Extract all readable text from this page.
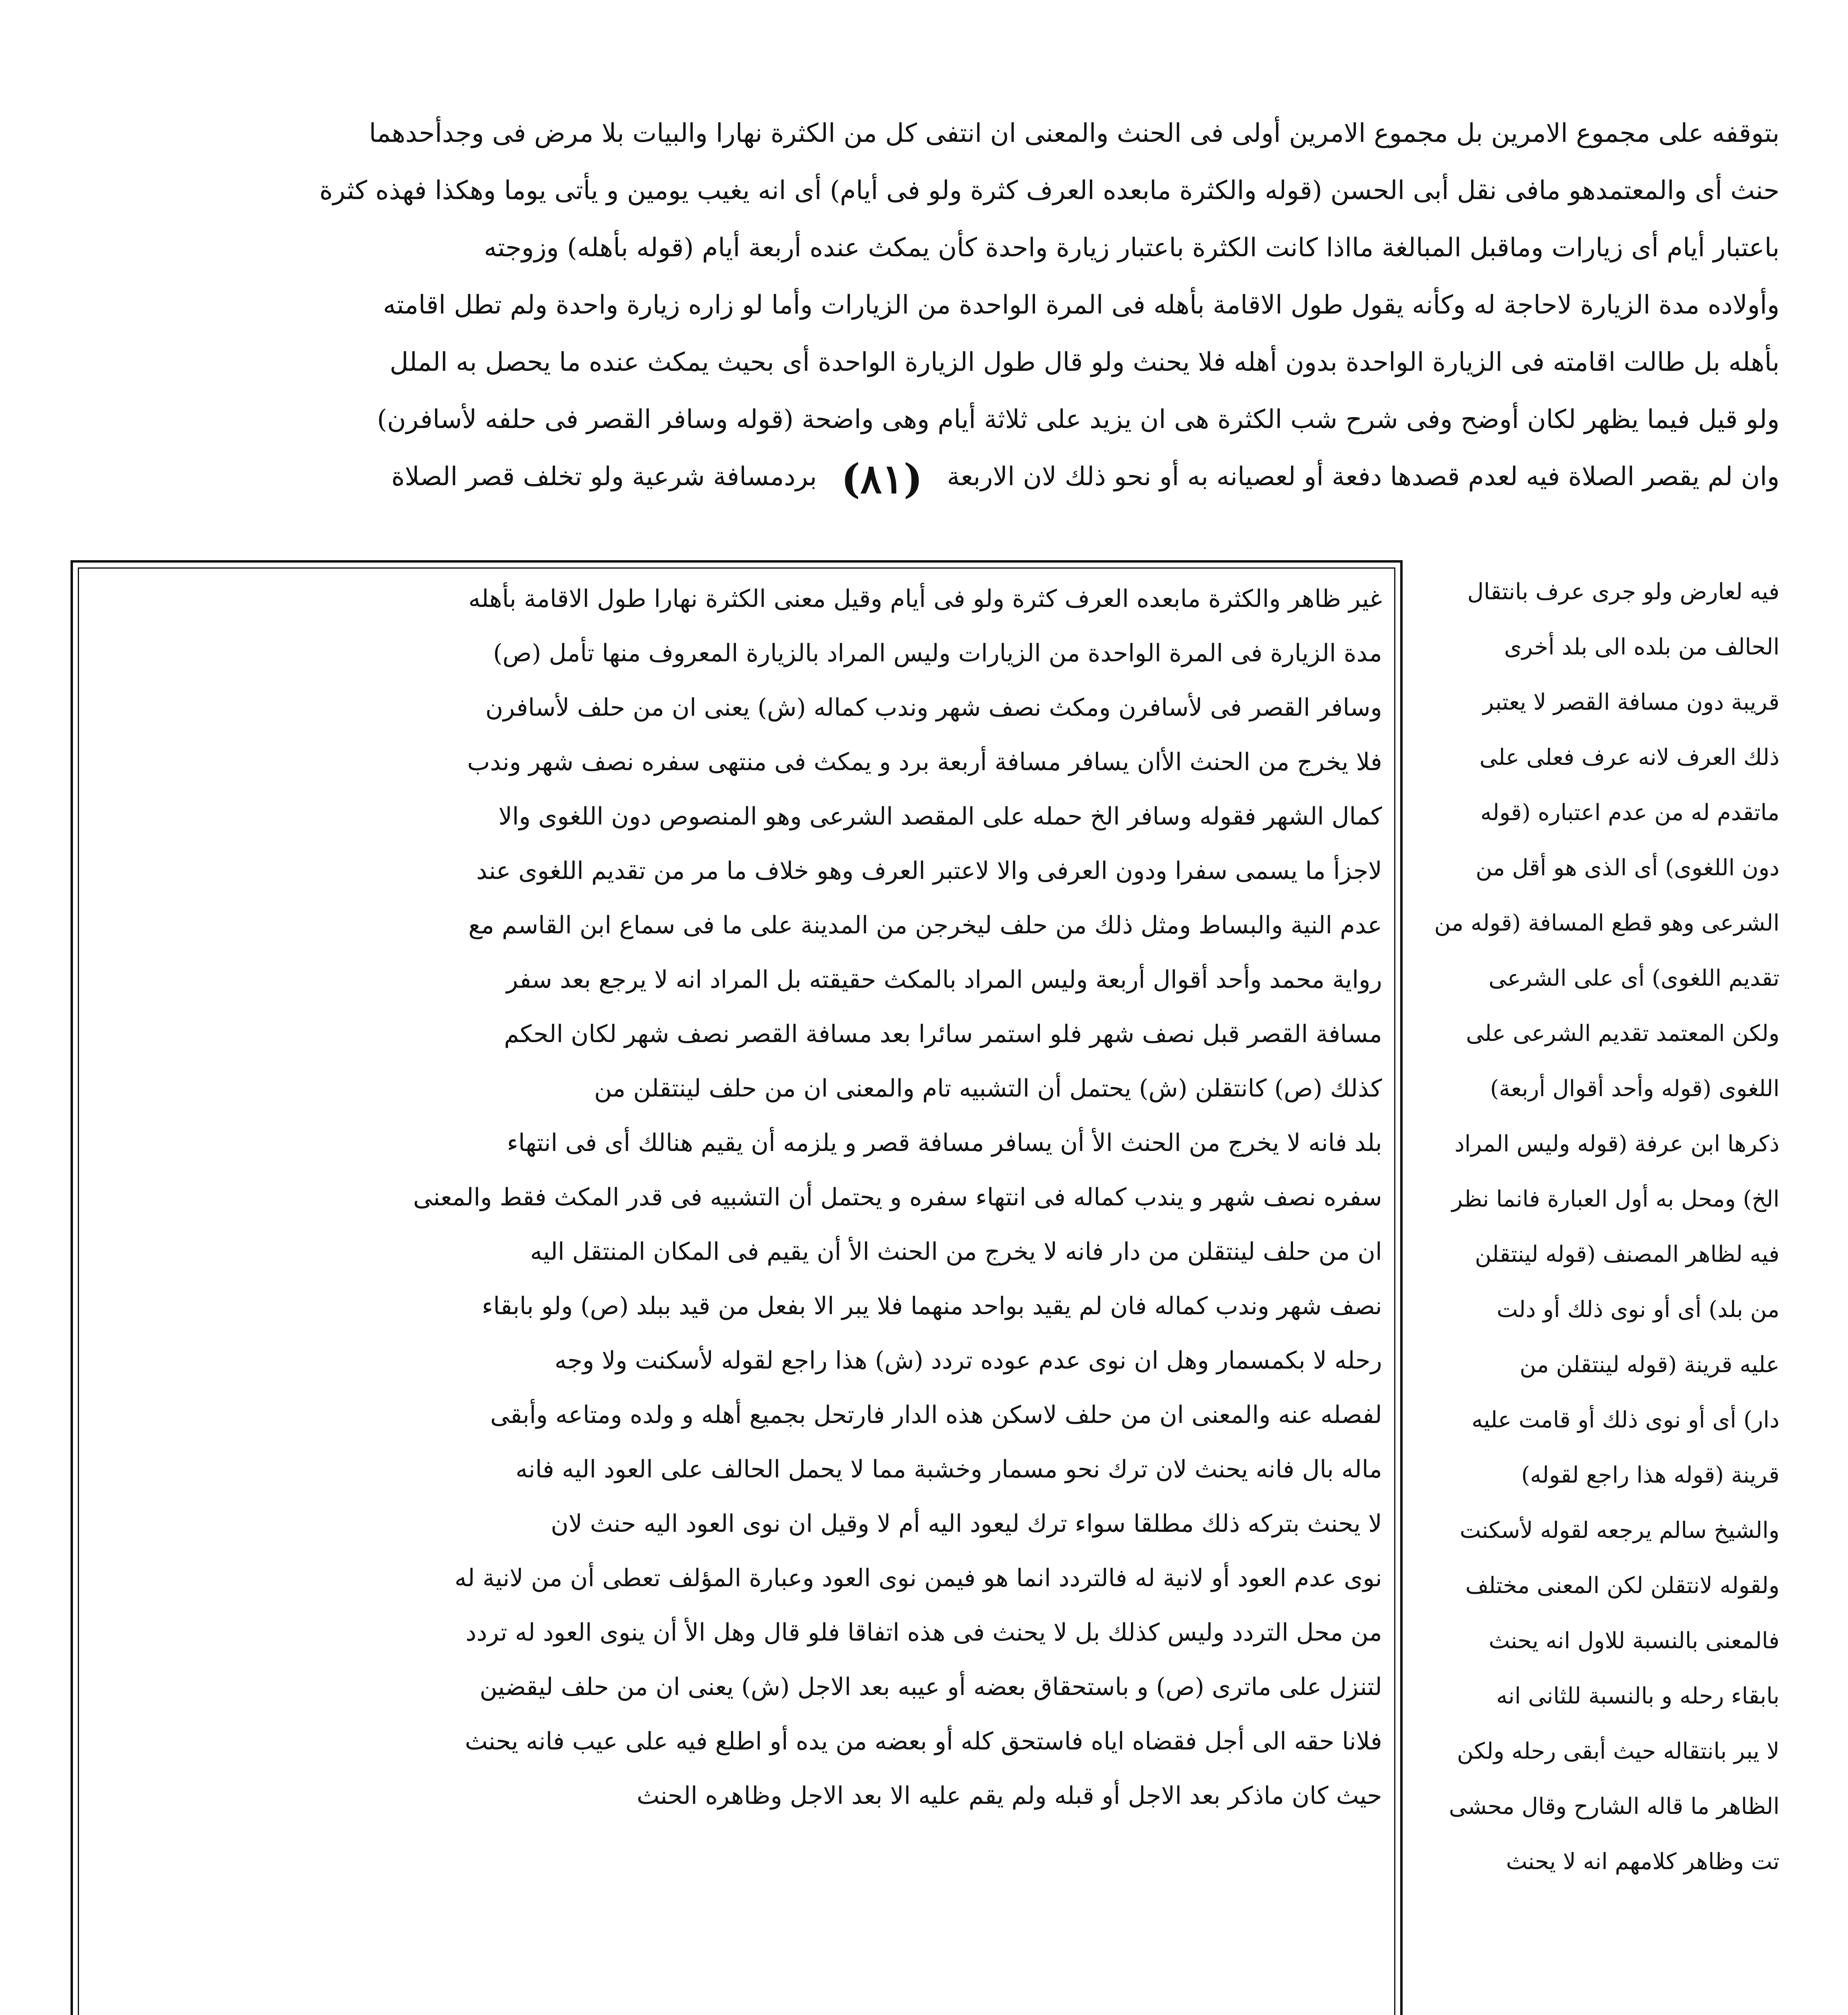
بتوقفه على مجموع الامرين بل مجموع الامرين أولى فى الحنث والمعنى ان انتفى كل من الكثرة نهارا والبيات بلا مرض فى وجدأحدهما
حنث أى والمعتمدهو مافى نقل أبى الحسن (قوله والكثرة مابعده العرف كثرة ولو فى أيام) أى انه يغيب يومين و يأتى يوما وهكذا فهذه كثرة
باعتبار أيام أى زيارات وماقبل المبالغة مااذا كانت الكثرة باعتبار زيارة واحدة كأن يمكث عنده أربعة أيام (قوله بأهله) وزوجته
وأولاده مدة الزيارة لاحاجة له وكأنه يقول طول الاقامة بأهله فى المرة الواحدة من الزيارات وأما لو زاره زيارة واحدة ولم تطل اقامته
بأهله بل طالت اقامته فى الزيارة الواحدة بدون أهله فلا يحنث ولو قال طول الزيارة الواحدة أى بحيث يمكث عنده ما يحصل به الملل
ولو قيل فيما يظهر لكان أوضح وفى شرح شب الكثرة هى ان يزيد على ثلاثة أيام وهى واضحة (قوله وسافر القصر فى حلفه لأسافرن)
وان لم يقصر الصلاة فيه لعدم قصدها دفعة أو لعصيانه به أو نحو ذلك لان الاربعة (٨١) بردمسافة شرعية ولو تخلف قصر الصلاة
غير ظاهر والكثرة مابعده العرف كثرة ولو فى أيام وقيل معنى الكثرة نهارا طول الاقامة بأهله
مدة الزيارة فى المرة الواحدة من الزيارات وليس المراد بالزيارة المعروف منها تأمل (ص)
وسافر القصر فى لأسافرن ومكث نصف شهر وندب كماله (ش) يعنى ان من حلف لأسافرن
فلا يخرج من الحنث الأان يسافر مسافة أربعة برد و يمكث فى منتهى سفره نصف شهر وندب
كمال الشهر فقوله وسافر الخ حمله على المقصد الشرعى وهو المنصوص دون اللغوى والا
لاجزأ ما يسمى سفرا ودون العرفى والا لاعتبر العرف وهو خلاف ما مر من تقديم اللغوى عند
عدم النية والبساط ومثل ذلك من حلف ليخرجن من المدينة على ما فى سماع ابن القاسم مع
رواية محمد وأحد أقوال أربعة وليس المراد بالمكث حقيقته بل المراد انه لا يرجع بعد سفر
مسافة القصر قبل نصف شهر فلو استمر سائرا بعد مسافة القصر نصف شهر لكان الحكم
كذلك (ص) كانتقلن (ش) يحتمل أن التشبيه تام والمعنى ان من حلف لينتقلن من
بلد فانه لا يخرج من الحنث الأ أن يسافر مسافة قصر و يلزمه أن يقيم هنالك أى فى انتهاء
سفره نصف شهر و يندب كماله فى انتهاء سفره و يحتمل أن التشبيه فى قدر المكث فقط والمعنى
ان من حلف لينتقلن من دار فانه لا يخرج من الحنث الأ أن يقيم فى المكان المنتقل اليه
نصف شهر وندب كماله فان لم يقيد بواحد منهما فلا يبر الا بفعل من قيد ببلد (ص) ولو بابقاء
رحله لا بكمسمار وهل ان نوى عدم عوده تردد (ش) هذا راجع لقوله لأسكنت ولا وجه
لفصله عنه والمعنى ان من حلف لاسكن هذه الدار فارتحل بجميع أهله و ولده ومتاعه وأبقى
ماله بال فانه يحنث لان ترك نحو مسمار وخشبة مما لا يحمل الحالف على العود اليه فانه
لا يحنث بتركه ذلك مطلقا سواء ترك ليعود اليه أم لا وقيل ان نوى العود اليه حنث لان
نوى عدم العود أو لانية له فالتردد انما هو فيمن نوى العود وعبارة المؤلف تعطى أن من لانية له
من محل التردد وليس كذلك بل لا يحنث فى هذه اتفاقا فلو قال وهل الأ أن ينوى العود له تردد
لتنزل على ماترى (ص) و باستحقاق بعضه أو عيبه بعد الاجل (ش) يعنى ان من حلف ليقضين
فلانا حقه الى أجل فقضاه اياه فاستحق كله أو بعضه من يده أو اطلع فيه على عيب فانه يحنث
حيث كان ماذكر بعد الاجل أو قبله ولم يقم عليه الا بعد الاجل وظاهره الحنث
فيه لعارض ولو جرى عرف بانتقال
الحالف من بلده الى بلد أخرى
قريبة دون مسافة القصر لا يعتبر
ذلك العرف لانه عرف فعلى على
ماتقدم له من عدم اعتباره (قوله
دون اللغوى) أى الذى هو أقل من
الشرعى وهو قطع المسافة (قوله من
تقديم اللغوى) أى على الشرعى
ولكن المعتمد تقديم الشرعى على
اللغوى (قوله وأحد أقوال أربعة)
ذكرها ابن عرفة (قوله وليس المراد
الخ) ومحل به أول العبارة فانما نظر
فيه لظاهر المصنف (قوله لينتقلن
من بلد) أى أو نوى ذلك أو دلت
عليه قرينة (قوله لينتقلن من
دار) أى أو نوى ذلك أو قامت عليه
قرينة (قوله هذا راجع لقوله)
والشيخ سالم يرجعه لقوله لأسكنت
ولقوله لانتقلن لكن المعنى مختلف
فالمعنى بالنسبة للاول انه يحنث
بابقاء رحله و بالنسبة للثانى انه
لا يبر بانتقاله حيث أبقى رحله ولكن
الظاهر ما قاله الشارح وقال محشى
تت وظاهر كلامهم انه لا يحنث
